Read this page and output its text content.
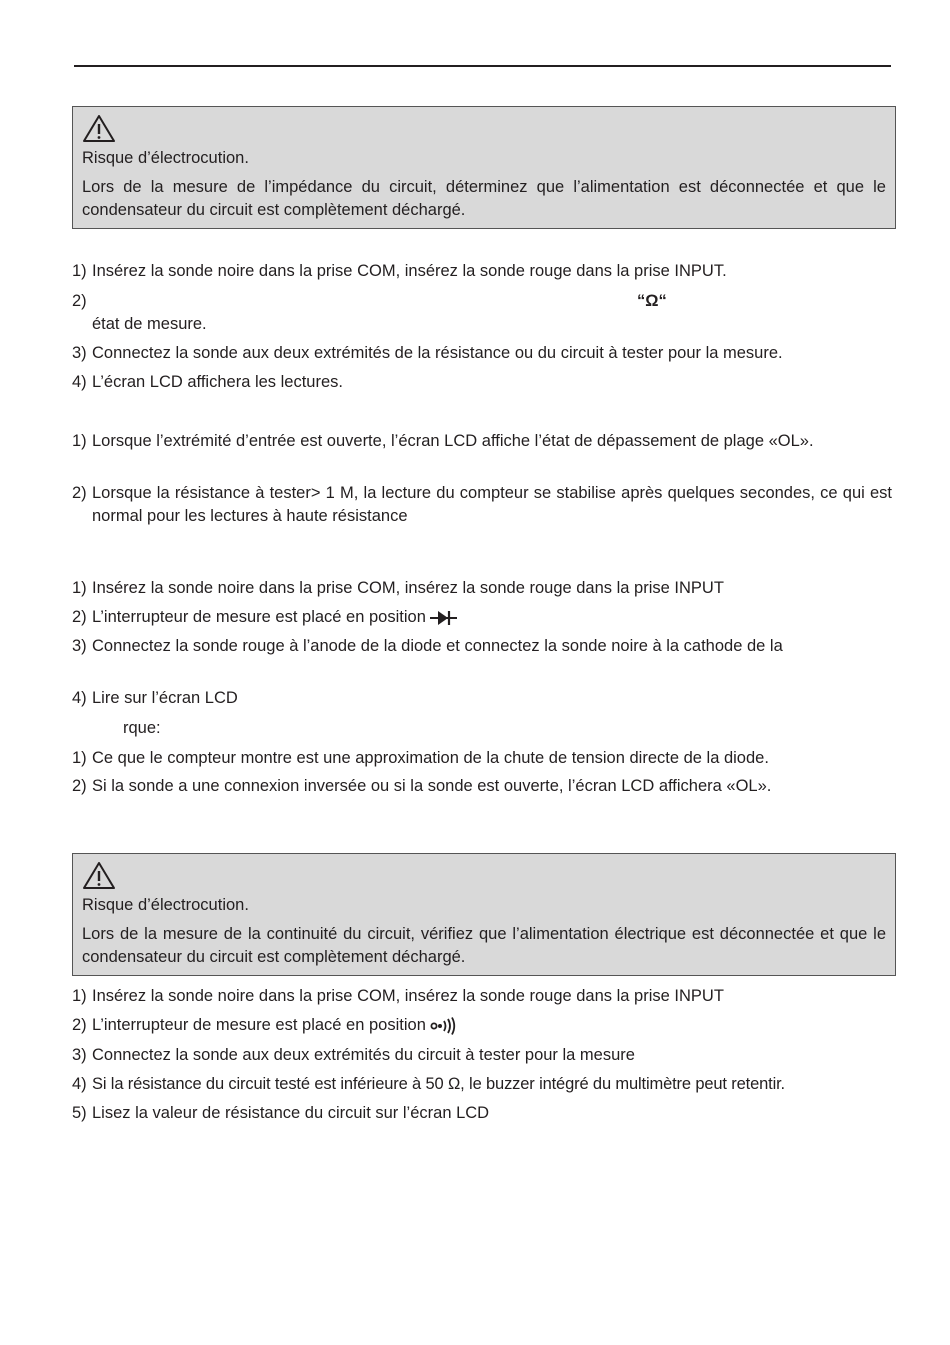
Risque d’électrocution.

Lors de la mesure de l’impédance du circuit, déterminez que l’alimentation est déconnectée et que le condensateur du circuit est complètement déchargé.

1) Insérez la sonde noire dans la prise COM, insérez la sonde rouge dans la prise INPUT.
2)	“Ω“
état de mesure.
3) Connectez la sonde aux deux extrémités de la résistance ou du circuit à tester pour la mesure.
4) L’écran LCD affichera les lectures.
1) Lorsque l’extrémité d’entrée est ouverte, l’écran LCD affiche l’état de dépassement de plage «OL».
2) Lorsque la résistance à tester> 1 M, la lecture du compteur se stabilise après quelques secondes, ce qui est normal pour les lectures à haute résistance
1) Insérez la sonde noire dans la prise COM, insérez la sonde rouge dans la prise INPUT
2) L’interrupteur de mesure est placé en position
3) Connectez la sonde rouge à l’anode de la diode et connectez la sonde noire à la cathode de la
4) Lire sur l’écran LCD
rque:
1) Ce que le compteur montre est une approximation de la chute de tension directe de la diode.
2) Si la sonde a une connexion inversée ou si la sonde est ouverte, l’écran LCD affichera «OL».

Risque d’électrocution.

Lors de la mesure de la continuité du circuit, vérifiez que l’alimentation électrique est déconnectée et que le condensateur du circuit est complètement déchargé.

1) Insérez la sonde noire dans la prise COM, insérez la sonde rouge dans la prise INPUT
2) L’interrupteur de mesure est placé en position
3) Connectez la sonde aux deux extrémités du circuit à tester pour la mesure
4) Si la résistance du circuit testé est inférieure à 50 Ω, le buzzer intégré du multimètre peut retentir.
5) Lisez la valeur de résistance du circuit sur l’écran LCD
